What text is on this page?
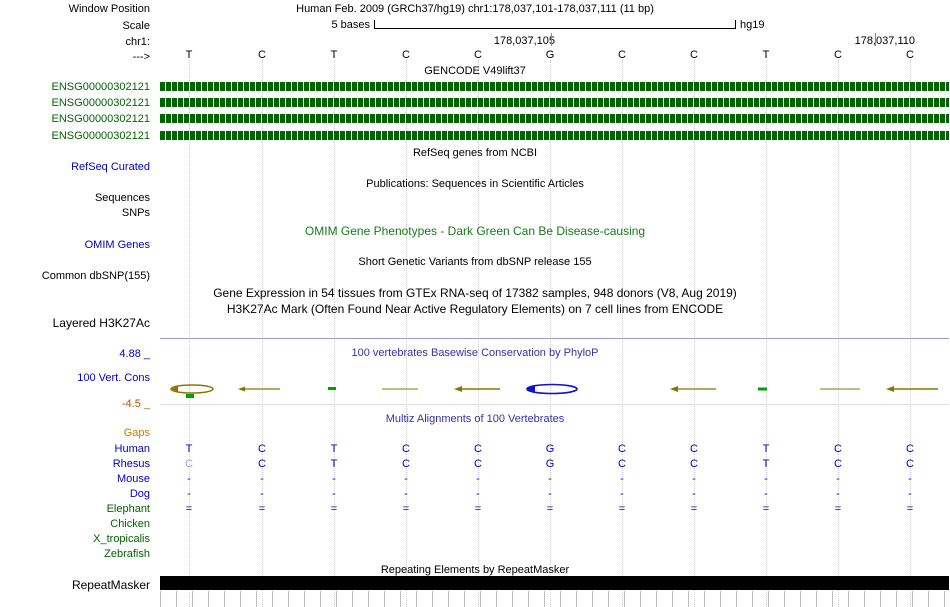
Window Position
Scale
chr1:
--->
Human Feb. 2009 (GRCh37/hg19) chr1:178,037,101-178,037,111 (11 bp)
5 bases	hg19
178,037,105	178,037,110
T	C	T	C	C	G	C	C	T	C	C
GENCODE V49lift37
ENSG00000302121
ENSG00000302121
ENSG00000302121
ENSG00000302121
RefSeq Curated
RefSeq genes from NCBI
Publications: Sequences in Scientific Articles
Sequences
SNPs
OMIM Gene Phenotypes - Dark Green Can Be Disease-causing
OMIM Genes
Short Genetic Variants from dbSNP release 155
Common dbSNP(155)
Gene Expression in 54 tissues from GTEx RNA-seq of 17382 samples, 948 donors (V8, Aug 2019)
H3K27Ac Mark (Often Found Near Active Regulatory Elements) on 7 cell lines from ENCODE
Layered H3K27Ac
100 vertebrates Basewise Conservation by PhyloP
4.88 _
100 Vert. Cons
-4.5 _
Multiz Alignments of 100 Vertebrates
Gaps
Human	T	C	T	C	C	G	C	C	T	C	C
Rhesus	C	C	T	C	C	G	C	C	T	C	C
Mouse	-	-	-	-	-	-	-	-	-	-	-
Dog	-	-	-	-	-	-	-	-	-	-	-
Elephant	=	=	=	=	=	=	=	=	=	=	=
Chicken
X_tropicalis
Zebrafish
Repeating Elements by RepeatMasker
RepeatMasker
